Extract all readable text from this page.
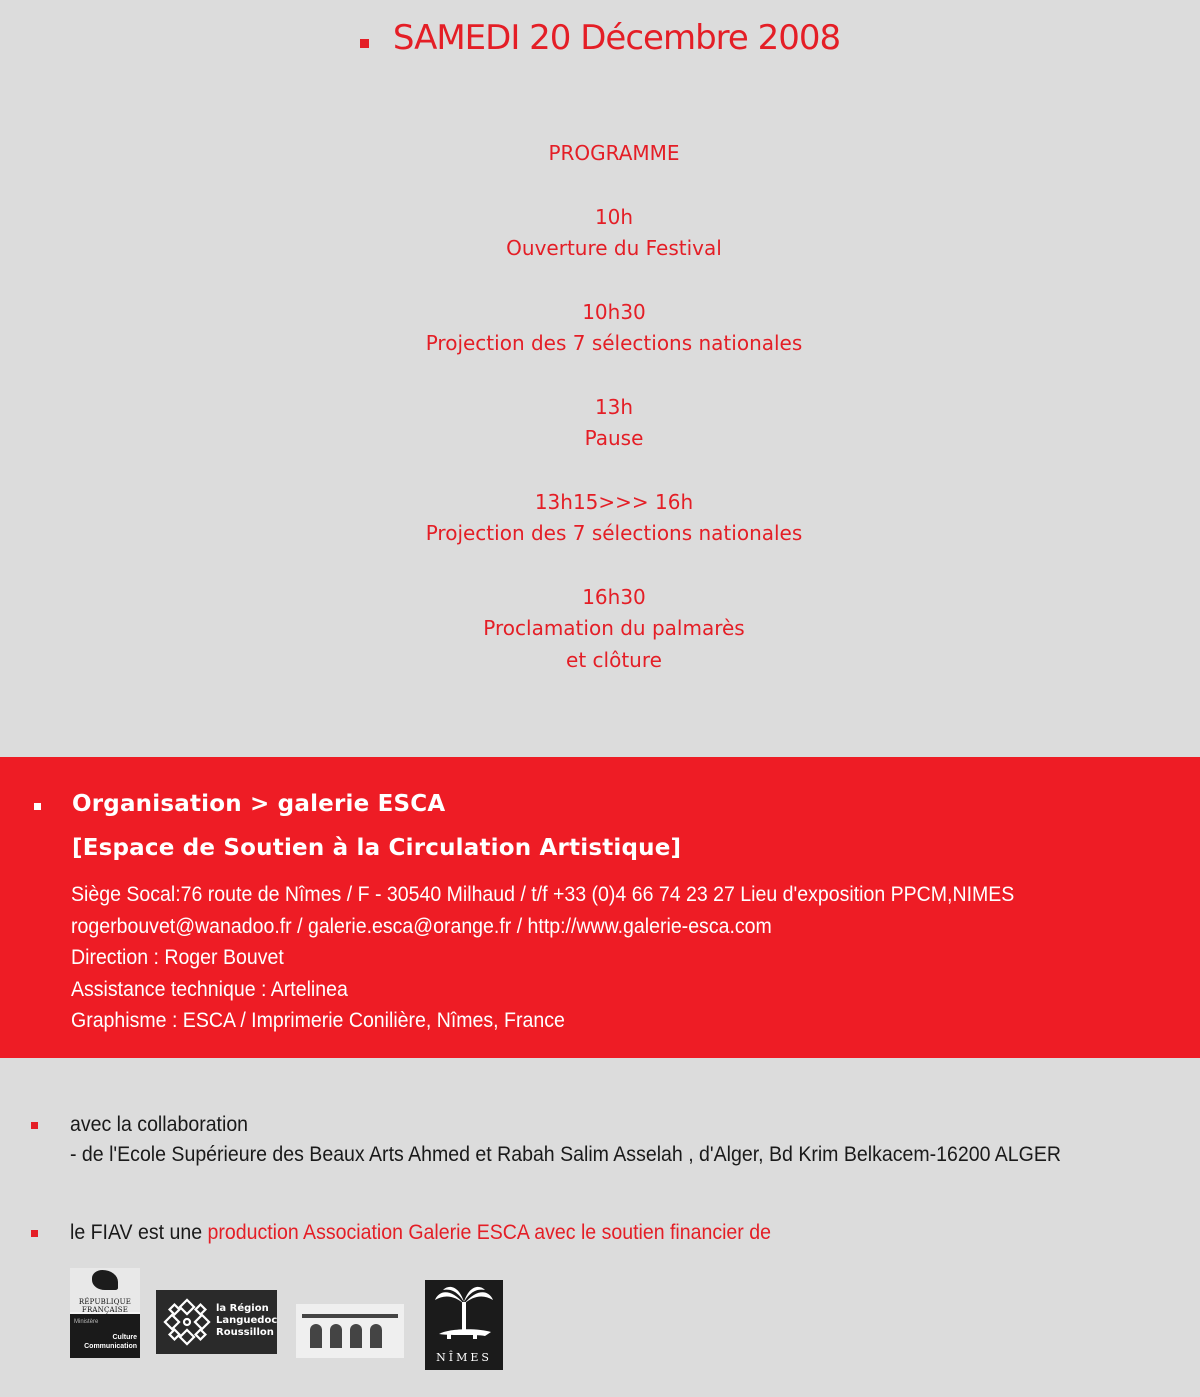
SAMEDI 20 Décembre 2008
PROGRAMME
10h
Ouverture du Festival
10h30
Projection des 7 sélections nationales
13h
Pause
13h15>>> 16h
Projection des 7 sélections nationales
16h30
Proclamation du palmarès
et clôture
Organisation > galerie ESCA
[Espace de Soutien à la Circulation Artistique]
Siège Socal:76 route de Nîmes / F - 30540 Milhaud / t/f +33 (0)4 66 74 23 27 Lieu d'exposition PPCM,NIMES
rogerbouvet@wanadoo.fr / galerie.esca@orange.fr / http://www.galerie-esca.com
Direction : Roger Bouvet
Assistance technique : Artelinea
Graphisme : ESCA / Imprimerie Conilière, Nîmes, France
avec la collaboration
- de l'Ecole Supérieure des Beaux Arts Ahmed et Rabah Salim Asselah , d'Alger, Bd Krim Belkacem-16200 ALGER
le FIAV est une production Association Galerie ESCA avec le soutien financier de
RÉPUBLIQUE FRANÇAISE
Ministère
Culture
Communication
la Région
Languedoc
Roussillon
NÎMES
